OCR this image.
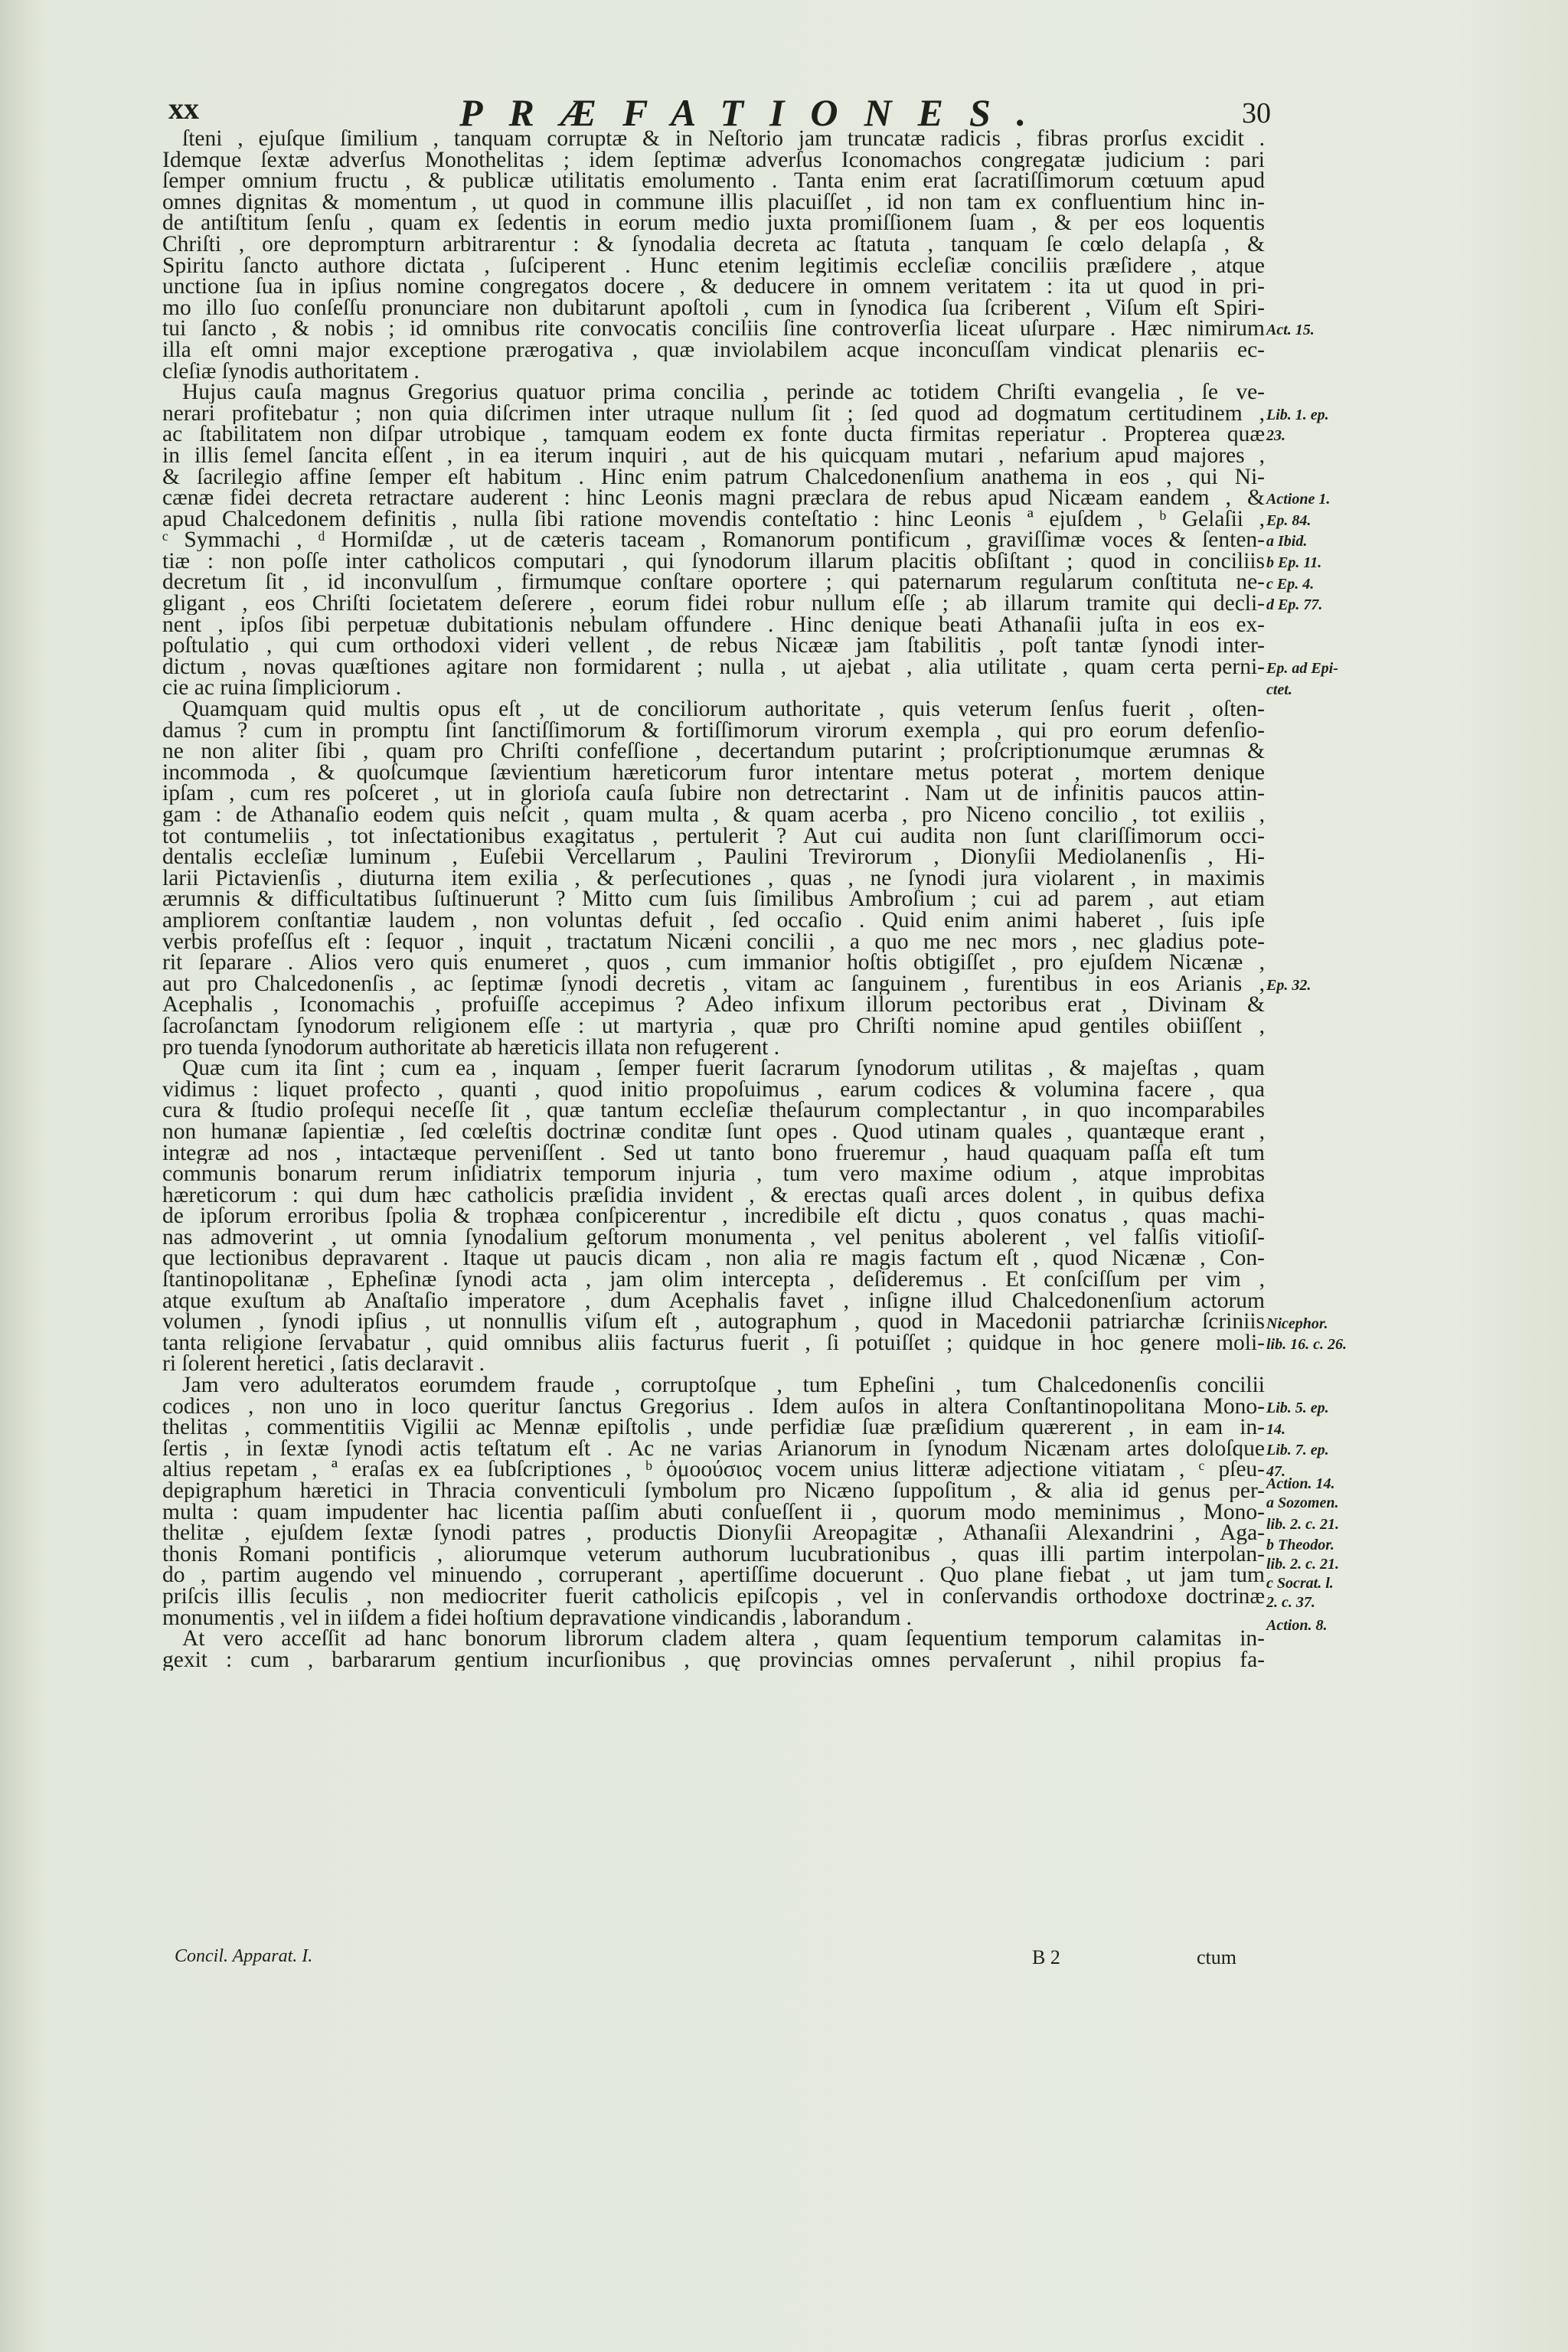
xx	PRÆFATIONES.	30
ſteni , ejuſque ſimilium , tanquam corruptæ & in Neſtorio jam truncatæ radicis , fibras prorſus excidit .
Idemque ſextæ adverſus Monothelitas ; idem ſeptimæ adverſus Iconomachos congregatæ judicium : pari
ſemper omnium fructu , & publicæ utilitatis emolumento . Tanta enim erat ſacratiſſimorum cœtuum apud
omnes dignitas & momentum , ut quod in commune illis placuiſſet , id non tam ex confluentium hinc in-
de antiſtitum ſenſu , quam ex ſedentis in eorum medio juxta promiſſionem ſuam , & per eos loquentis
Chriſti , ore deprompturn arbitrarentur : & ſynodalia decreta ac ſtatuta , tanquam ſe cœlo delapſa , &
Spiritu ſancto authore dictata , ſuſciperent . Hunc etenim legitimis eccleſiæ conciliis præſidere , atque
unctione ſua in ipſius nomine congregatos docere , & deducere in omnem veritatem : ita ut quod in pri-
mo illo ſuo conſeſſu pronunciare non dubitarunt apoſtoli , cum in ſynodica ſua ſcriberent , Viſum eſt Spiri-
tui ſancto , & nobis ; id omnibus rite convocatis conciliis ſine controverſia liceat uſurpare . Hæc nimirum
illa eſt omni major exceptione prærogativa , quæ inviolabilem acque inconcuſſam vindicat plenariis ec-
cleſiæ ſynodis authoritatem .
Hujus cauſa magnus Gregorius quatuor prima concilia , perinde ac totidem Chriſti evangelia , ſe ve-
nerari profitebatur ; non quia diſcrimen inter utraque nullum ſit ; ſed quod ad dogmatum certitudinem ,
ac ſtabilitatem non diſpar utrobique , tamquam eodem ex fonte ducta firmitas reperiatur . Propterea quæ
in illis ſemel ſancita eſſent , in ea iterum inquiri , aut de his quicquam mutari , nefarium apud majores ,
& ſacrilegio affine ſemper eſt habitum . Hinc enim patrum Chalcedonenſium anathema in eos , qui Ni-
cænæ fidei decreta retractare auderent : hinc Leonis magni præclara de rebus apud Nicæam eandem , &
apud Chalcedonem definitis , nulla ſibi ratione movendis conteſtatio : hinc Leonis ª ejuſdem , ᵇ Gelaſii ,
ᶜ Symmachi , ᵈ Hormiſdæ , ut de cæteris taceam , Romanorum pontificum , graviſſimæ voces & ſenten-
tiæ : non poſſe inter catholicos computari , qui ſynodorum illarum placitis obſiſtant ; quod in conciliis
decretum ſit , id inconvulſum , firmumque conſtare oportere ; qui paternarum regularum conſtituta ne-
gligant , eos Chriſti ſocietatem deſerere , eorum fidei robur nullum eſſe ; ab illarum tramite qui decli-
nent , ipſos ſibi perpetuæ dubitationis nebulam offundere . Hinc denique beati Athanaſii juſta in eos ex-
poſtulatio , qui cum orthodoxi videri vellent , de rebus Nicææ jam ſtabilitis , poſt tantæ ſynodi inter-
dictum , novas quæſtiones agitare non formidarent ; nulla , ut ajebat , alia utilitate , quam certa perni-
cie ac ruina ſimpliciorum .
Quamquam quid multis opus eſt , ut de conciliorum authoritate , quis veterum ſenſus fuerit , oſten-
damus ? cum in promptu ſint ſanctiſſimorum & fortiſſimorum virorum exempla , qui pro eorum defenſio-
ne non aliter ſibi , quam pro Chriſti confeſſione , decertandum putarint ; proſcriptionumque ærumnas &
incommoda , & quoſcumque ſævientium hæreticorum furor intentare metus poterat , mortem denique
ipſam , cum res poſceret , ut in glorioſa cauſa ſubire non detrectarint . Nam ut de infinitis paucos attin-
gam : de Athanaſio eodem quis neſcit , quam multa , & quam acerba , pro Niceno concilio , tot exiliis ,
tot contumeliis , tot inſectationibus exagitatus , pertulerit ? Aut cui audita non ſunt clariſſimorum occi-
dentalis eccleſiæ luminum , Euſebii Vercellarum , Paulini Trevirorum , Dionyſii Mediolanenſis , Hi-
larii Pictavienſis , diuturna item exilia , & perſecutiones , quas , ne ſynodi jura violarent , in maximis
ærumnis & difficultatibus ſuſtinuerunt ? Mitto cum ſuis ſimilibus Ambroſium ; cui ad parem , aut etiam
ampliorem conſtantiæ laudem , non voluntas defuit , ſed occaſio . Quid enim animi haberet , ſuis ipſe
verbis profeſſus eſt : ſequor , inquit , tractatum Nicæni concilii , a quo me nec mors , nec gladius pote-
rit ſeparare . Alios vero quis enumeret , quos , cum immanior hoſtis obtigiſſet , pro ejuſdem Nicænæ ,
aut pro Chalcedonenſis , ac ſeptimæ ſynodi decretis , vitam ac ſanguinem , furentibus in eos Arianis ,
Acephalis , Iconomachis , profuiſſe accepimus ? Adeo infixum illorum pectoribus erat , Divinam &
ſacroſanctam ſynodorum religionem eſſe : ut martyria , quæ pro Chriſti nomine apud gentiles obiiſſent ,
pro tuenda ſynodorum authoritate ab hæreticis illata non refugerent .
Quæ cum ita ſint ; cum ea , inquam , ſemper fuerit ſacrarum ſynodorum utilitas , & majeſtas , quam
vidimus : liquet profecto , quanti , quod initio propoſuimus , earum codices & volumina facere , qua
cura & ſtudio proſequi neceſſe ſit , quæ tantum eccleſiæ theſaurum complectantur , in quo incomparabiles
non humanæ ſapientiæ , ſed cœleſtis doctrinæ conditæ ſunt opes . Quod utinam quales , quantæque erant ,
integræ ad nos , intactæque perveniſſent . Sed ut tanto bono frueremur , haud quaquam paſſa eſt tum
communis bonarum rerum inſidiatrix temporum injuria , tum vero maxime odium , atque improbitas
hæreticorum : qui dum hæc catholicis præſidia invident , & erectas quaſi arces dolent , in quibus defixa
de ipſorum erroribus ſpolia & trophæa conſpicerentur , incredibile eſt dictu , quos conatus , quas machi-
nas admoverint , ut omnia ſynodalium geſtorum monumenta , vel penitus abolerent , vel falſis vitioſiſ-
que lectionibus depravarent . Itaque ut paucis dicam , non alia re magis factum eſt , quod Nicænæ , Con-
ſtantinopolitanæ , Epheſinæ ſynodi acta , jam olim intercepta , deſideremus . Et conſciſſum per vim ,
atque exuſtum ab Anaſtaſio imperatore , dum Acephalis favet , inſigne illud Chalcedonenſium actorum
volumen , ſynodi ipſius , ut nonnullis viſum eſt , autographum , quod in Macedonii patriarchæ ſcriniis
tanta religione ſervabatur , quid omnibus aliis facturus fuerit , ſi potuiſſet ; quidque in hoc genere moli-
ri ſolerent heretici , ſatis declaravit .
Jam vero adulteratos eorumdem fraude , corruptoſque , tum Epheſini , tum Chalcedonenſis concilii
codices , non uno in loco queritur ſanctus Gregorius . Idem auſos in altera Conſtantinopolitana Mono-
thelitas , commentitiis Vigilii ac Mennæ epiſtolis , unde perfidiæ ſuæ præſidium quærerent , in eam in-
ſertis , in ſextæ ſynodi actis teſtatum eſt . Ac ne varias Arianorum in ſynodum Nicænam artes doloſque
altius repetam , ª eraſas ex ea ſubſcriptiones , ᵇ ὁμοούσιος vocem unius litteræ adjectione vitiatam , ᶜ pſeu-
depigraphum hæretici in Thracia conventiculi ſymbolum pro Nicæno ſuppoſitum , & alia id genus per-
multa : quam impudenter hac licentia paſſim abuti conſueſſent ii , quorum modo meminimus , Mono-
thelitæ , ejuſdem ſextæ ſynodi patres , productis Dionyſii Areopagitæ , Athanaſii Alexandrini , Aga-
thonis Romani pontificis , aliorumque veterum authorum lucubrationibus , quas illi partim interpolan-
do , partim augendo vel minuendo , corruperant , apertiſſime docuerunt . Quo plane fiebat , ut jam tum
priſcis illis ſeculis , non mediocriter fuerit catholicis epiſcopis , vel in conſervandis orthodoxe doctrinæ
monumentis , vel in iiſdem a fidei hoſtium depravatione vindicandis , laborandum .
At vero acceſſit ad hanc bonorum librorum cladem altera , quam ſequentium temporum calamitas in-
gexit : cum , barbararum gentium incurſionibus , quę provincias omnes pervaſerunt , nihil propius fa-
Act. 15.
Lib. 1. ep.
23.
Actione 1.
Ep. 84.
a Ibid.
b Ep. 11.
c Ep. 4.
d Ep. 77.
Ep. ad Epi-
ctet.
Ep. 32.
Nicephor.
lib. 16. c. 26.
Lib. 5. ep.
14.
Lib. 7. ep.
47.
Action. 14.
a Sozomen.
lib. 2. c. 21.
b Theodor.
lib. 2. c. 21.
c Socrat. l.
2. c. 37.
Action. 8.
Concil. Apparat. I.	B 2	ctum
